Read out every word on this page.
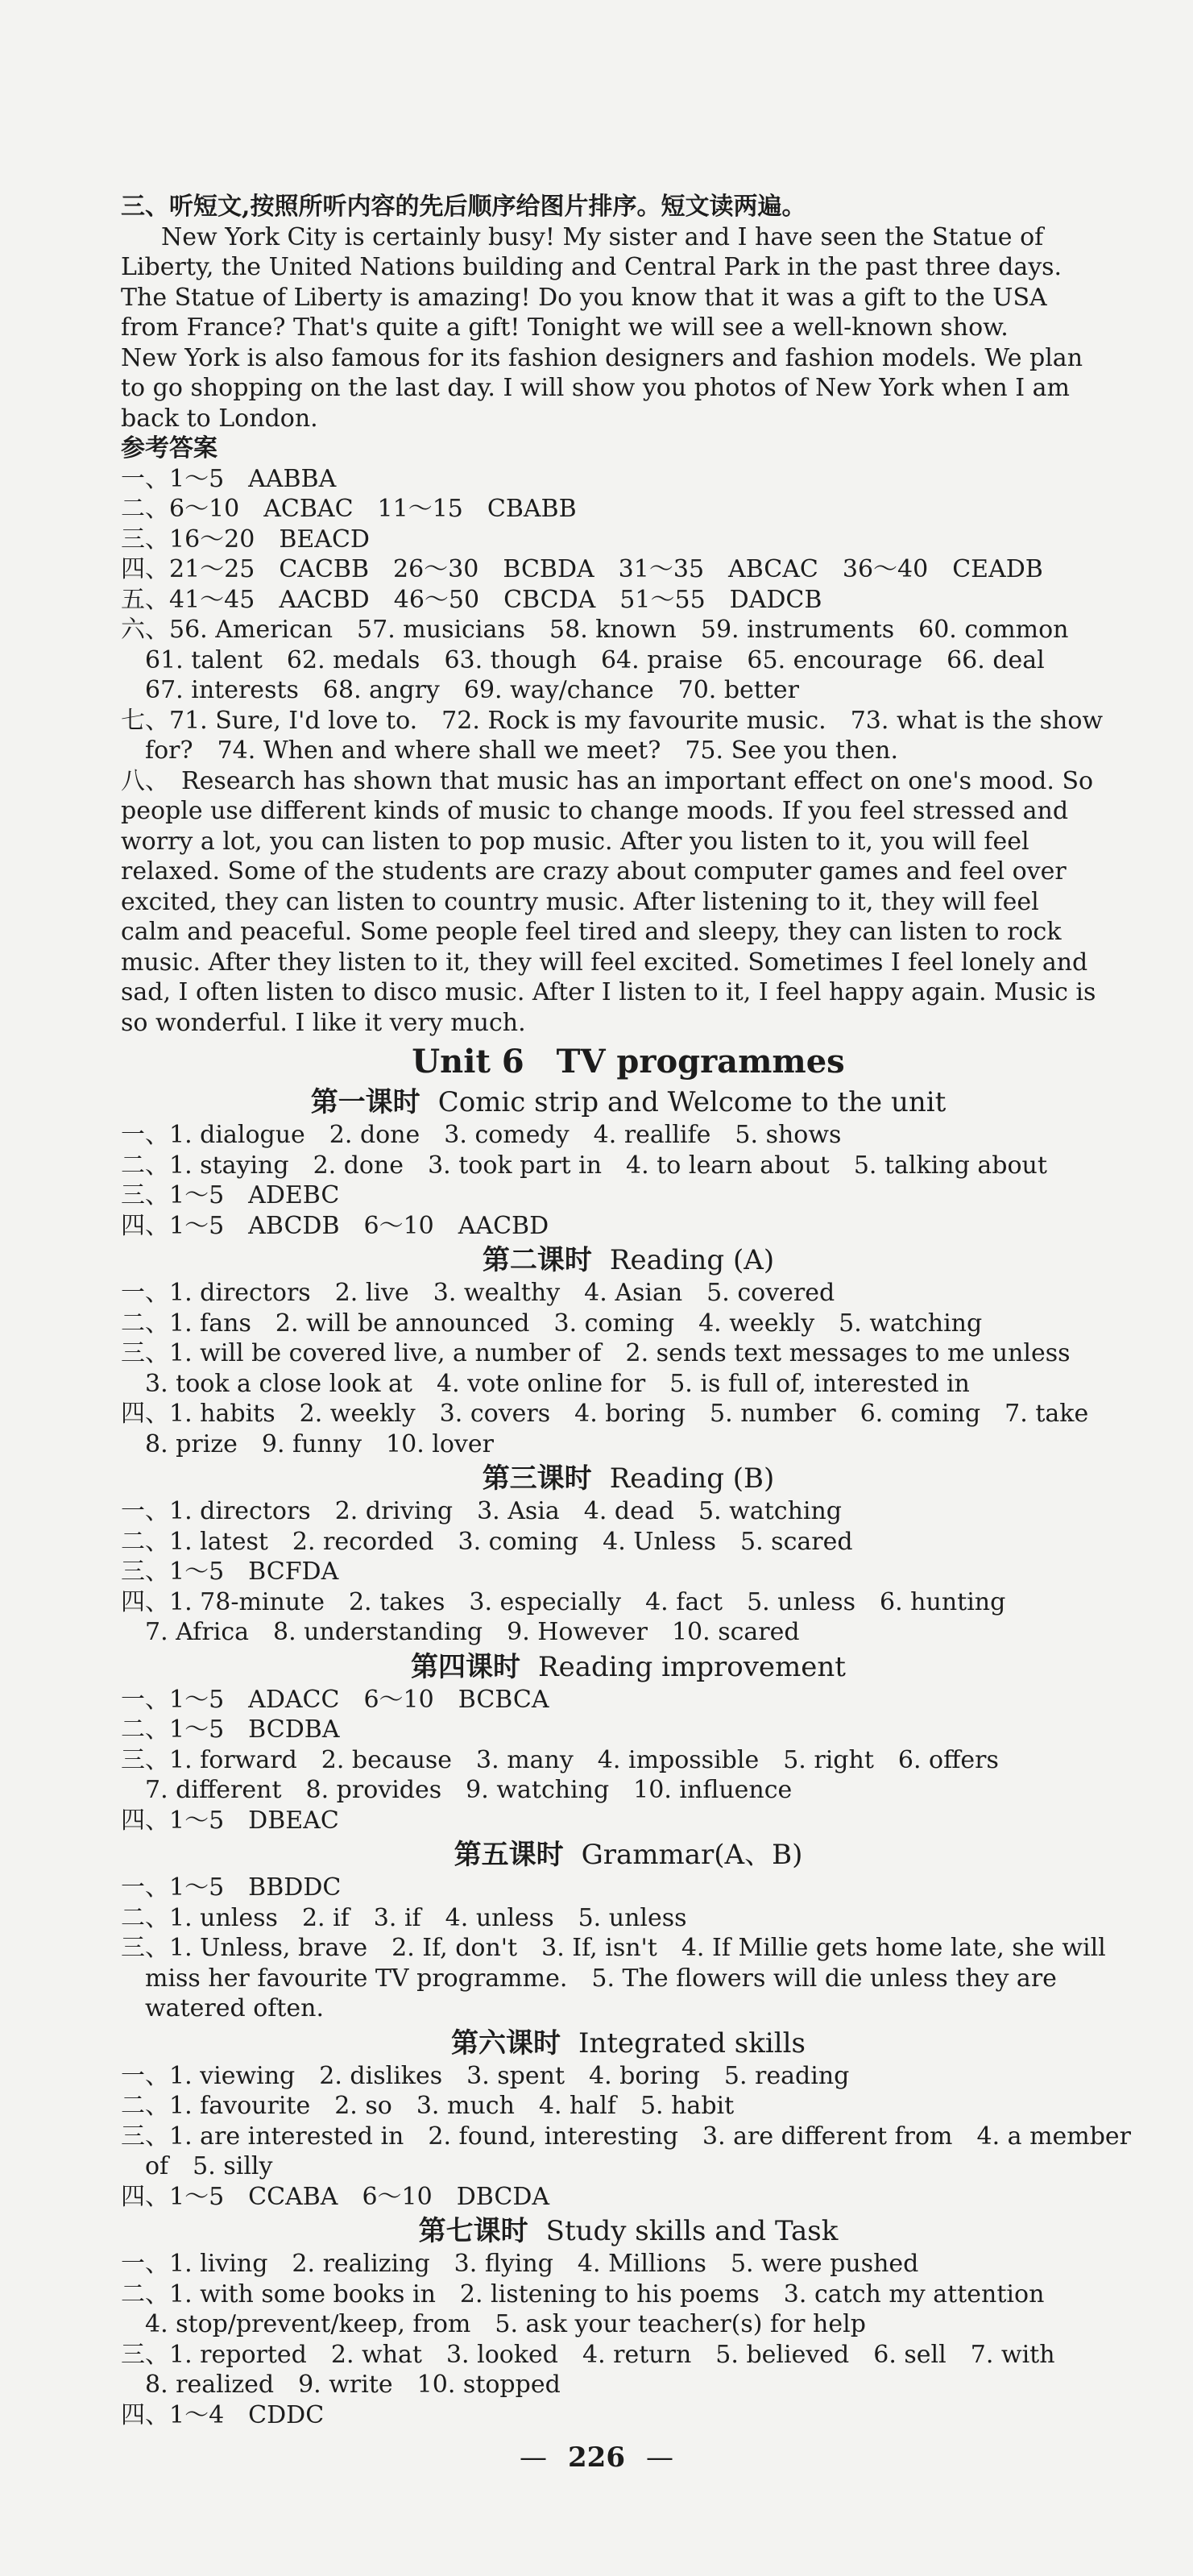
三、听短文,按照所听内容的先后顺序给图片排序。短文读两遍。
New York City is certainly busy! My sister and I have seen the Statue of
Liberty, the United Nations building and Central Park in the past three days.
The Statue of Liberty is amazing! Do you know that it was a gift to the USA
from France? That's quite a gift! Tonight we will see a well-known show.
New York is also famous for its fashion designers and fashion models. We plan
to go shopping on the last day. I will show you photos of New York when I am
back to London.
参考答案
一、1～5　AABBA
二、6～10　ACBAC　11～15　CBABB
三、16～20　BEACD
四、21～25　CACBB　26～30　BCBDA　31～35　ABCAC　36～40　CEADB
五、41～45　AACBD　46～50　CBCDA　51～55　DADCB
六、56. American　57. musicians　58. known　59. instruments　60. common
　61. talent　62. medals　63. though　64. praise　65. encourage　66. deal
　67. interests　68. angry　69. way/chance　70. better
七、71. Sure, I'd love to.　72. Rock is my favourite music.　73. what is the show
　for?　74. When and where shall we meet?　75. See you then.
八、　Research has shown that music has an important effect on one's mood. So
people use different kinds of music to change moods. If you feel stressed and
worry a lot, you can listen to pop music. After you listen to it, you will feel
relaxed. Some of the students are crazy about computer games and feel over
excited, they can listen to country music. After listening to it, they will feel
calm and peaceful. Some people feel tired and sleepy, they can listen to rock
music. After they listen to it, they will feel excited. Sometimes I feel lonely and
sad, I often listen to disco music. After I listen to it, I feel happy again. Music is
so wonderful. I like it very much.
Unit 6　TV programmes
第一课时 Comic strip and Welcome to the unit
一、1. dialogue　2. done　3. comedy　4. reallife　5. shows
二、1. staying　2. done　3. took part in　4. to learn about　5. talking about
三、1～5　ADEBC
四、1～5　ABCDB　6～10　AACBD
第二课时 Reading (A)
一、1. directors　2. live　3. wealthy　4. Asian　5. covered
二、1. fans　2. will be announced　3. coming　4. weekly　5. watching
三、1. will be covered live, a number of　2. sends text messages to me unless
　3. took a close look at　4. vote online for　5. is full of, interested in
四、1. habits　2. weekly　3. covers　4. boring　5. number　6. coming　7. take
　8. prize　9. funny　10. lover
第三课时 Reading (B)
一、1. directors　2. driving　3. Asia　4. dead　5. watching
二、1. latest　2. recorded　3. coming　4. Unless　5. scared
三、1～5　BCFDA
四、1. 78-minute　2. takes　3. especially　4. fact　5. unless　6. hunting
　7. Africa　8. understanding　9. However　10. scared
第四课时 Reading improvement
一、1～5　ADACC　6～10　BCBCA
二、1～5　BCDBA
三、1. forward　2. because　3. many　4. impossible　5. right　6. offers
　7. different　8. provides　9. watching　10. influence
四、1～5　DBEAC
第五课时 Grammar(A、B)
一、1～5　BBDDC
二、1. unless　2. if　3. if　4. unless　5. unless
三、1. Unless, brave　2. If, don't　3. If, isn't　4. If Millie gets home late, she will
　miss her favourite TV programme.　5. The flowers will die unless they are
　watered often.
第六课时 Integrated skills
一、1. viewing　2. dislikes　3. spent　4. boring　5. reading
二、1. favourite　2. so　3. much　4. half　5. habit
三、1. are interested in　2. found, interesting　3. are different from　4. a member
　of　5. silly
四、1～5　CCABA　6～10　DBCDA
第七课时 Study skills and Task
一、1. living　2. realizing　3. flying　4. Millions　5. were pushed
二、1. with some books in　2. listening to his poems　3. catch my attention
　4. stop/prevent/keep, from　5. ask your teacher(s) for help
三、1. reported　2. what　3. looked　4. return　5. believed　6. sell　7. with
　8. realized　9. write　10. stopped
四、1～4　CDDC
— 226 —
